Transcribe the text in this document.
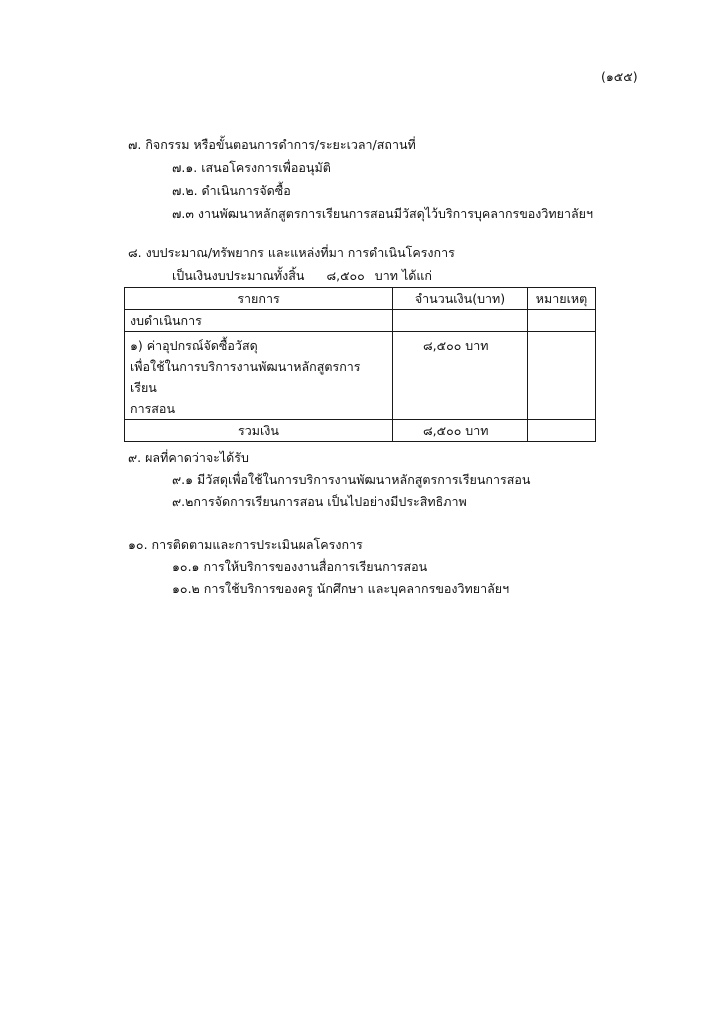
(๑๕๕)
๗. กิจกรรม หรือขั้นตอนการดำการ/ระยะเวลา/สถานที่
๗.๑. เสนอโครงการเพื่ออนุมัติ
๗.๒. ดำเนินการจัดซื้อ
๗.๓ งานพัฒนาหลักสูตรการเรียนการสอนมีวัสดุไว้บริการบุคลากรของวิทยาลัยฯ
๘. งบประมาณ/ทรัพยากร และแหล่งที่มา การดำเนินโครงการ
เป็นเงินงบประมาณทั้งสิ้น ๘,๕๐๐ บาท ได้แก่
รายการ	จำนวนเงิน(บาท)	หมายเหตุ
งบดำเนินการ		

๑) ค่าอุปกรณ์จัดซื้อวัสดุ
เพื่อใช้ในการบริการงานพัฒนาหลักสูตรการเรียน
การสอน	๘,๕๐๐ บาท	
รวมเงิน	๘,๕๐๐ บาท	
๙. ผลที่คาดว่าจะได้รับ
๙.๑ มีวัสดุเพื่อใช้ในการบริการงานพัฒนาหลักสูตรการเรียนการสอน
๙.๒การจัดการเรียนการสอน เป็นไปอย่างมีประสิทธิภาพ
๑๐. การติดตามและการประเมินผลโครงการ
๑๐.๑ การให้บริการของงานสื่อการเรียนการสอน
๑๐.๒ การใช้บริการของครู นักศึกษา และบุคลากรของวิทยาลัยฯ
